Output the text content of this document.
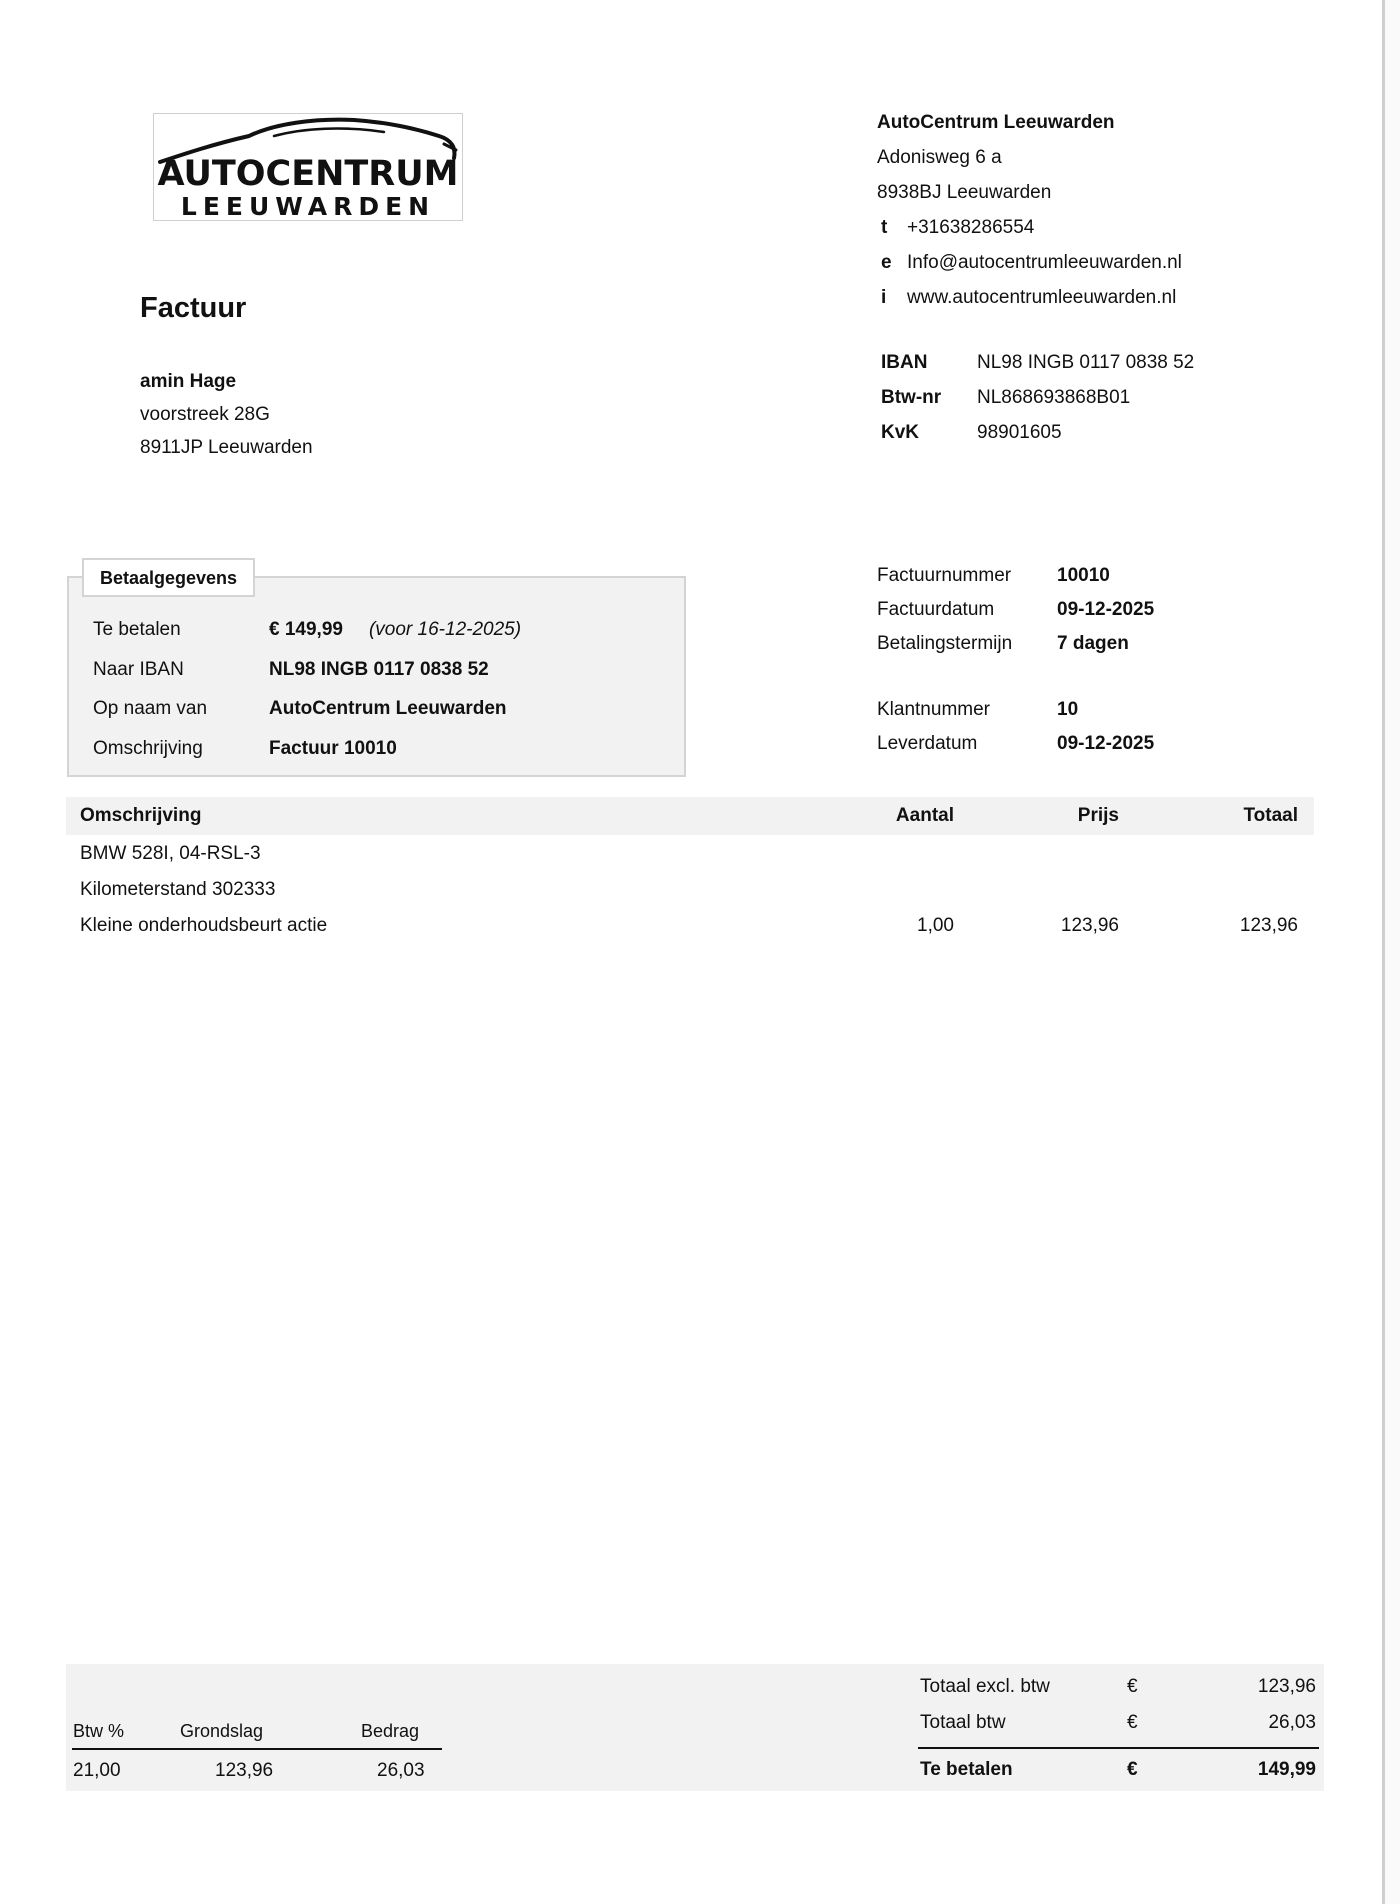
AUTOCENTRUM
LEEUWARDEN
Factuur
amin Hage
voorstreek 28G
8911JP Leeuwarden
AutoCentrum Leeuwarden
Adonisweg 6 a
8938BJ Leeuwarden
t	+31638286554
e Info@autocentrumleeuwarden.nl
i	www.autocentrumleeuwarden.nl
IBAN	NL98 INGB 0117 0838 52
Btw-nr	NL868693868B01
KvK	98901605
Betaalgegevens
Te betalen	€ 149,99 (voor 16-12-2025)
Naar IBAN	NL98 INGB 0117 0838 52
Op naam van	AutoCentrum Leeuwarden
Omschrijving	Factuur 10010
Factuurnummer	10010
Factuurdatum	09-12-2025
Betalingstermijn	7 dagen
Klantnummer	10
Leverdatum	09-12-2025
Omschrijving	Aantal	Prijs	Totaal
BMW 528I, 04-RSL-3
Kilometerstand 302333
Kleine onderhoudsbeurt actie	1,00	123,96	123,96
Btw %	Grondslag	Bedrag
21,00	123,96	26,03
Totaal excl. btw	€	123,96
Totaal btw	€	26,03
Te betalen	€	149,99
